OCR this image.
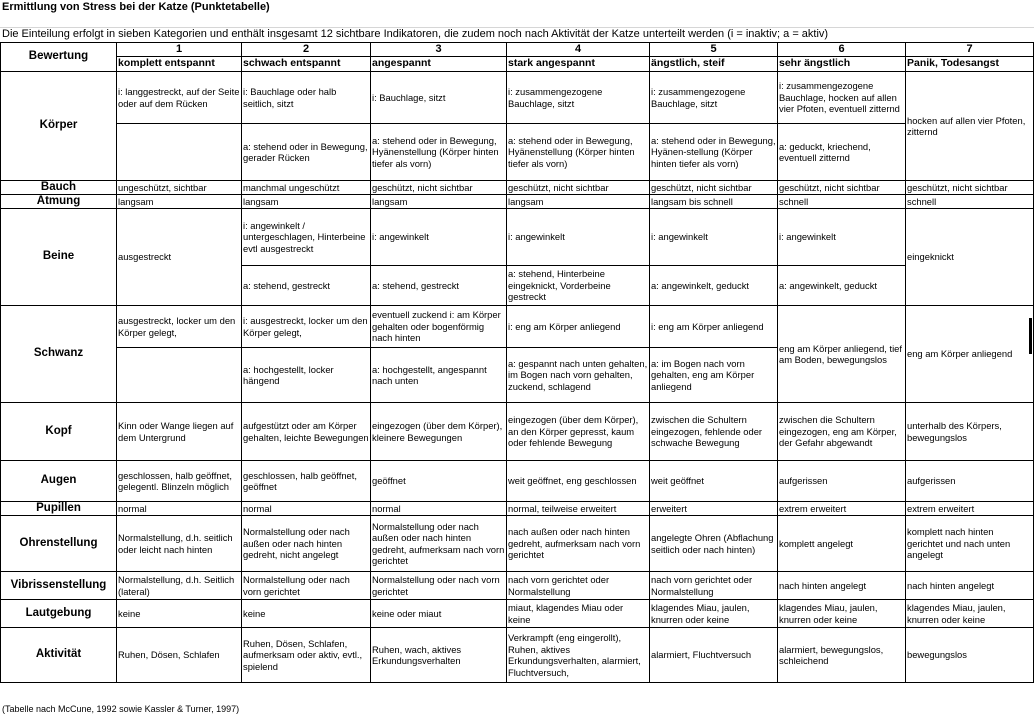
Ermittlung von Stress bei der Katze (Punktetabelle)
Die Einteilung erfolgt in sieben Kategorien und enthält insgesamt 12 sichtbare Indikatoren, die zudem noch nach Aktivität der Katze unterteilt werden (i = inaktiv; a = aktiv)
Bewertung	1	2	3	4	5	6	7
	komplett entspannt	schwach entspannt	angespannt	stark angespannt	ängstlich, steif	sehr ängstlich	Panik, Todesangst
Körper	i: langgestreckt, auf der Seite oder auf dem Rücken	i: Bauchlage oder halb seitlich, sitzt	i: Bauchlage, sitzt	i: zusammengezogene Bauchlage, sitzt	i: zusammengezogene Bauchlage, sitzt	i: zusammengezogene Bauchlage, hocken auf allen vier Pfoten, eventuell zitternd	hocken auf allen vier Pfoten, zitternd
		a: stehend oder in Bewegung, gerader Rücken	a: stehend oder in Bewegung, Hyänenstellung (Körper hinten tiefer als vorn)	a: stehend oder in Bewegung, Hyänenstellung (Körper hinten tiefer als vorn)	a: stehend oder in Bewegung, Hyänen-stellung (Körper hinten tiefer als vorn)	a: geduckt, kriechend, eventuell zitternd	
Bauch	ungeschützt, sichtbar	manchmal ungeschützt	geschützt, nicht sichtbar	geschützt, nicht sichtbar	geschützt, nicht sichtbar	geschützt, nicht sichtbar	geschützt, nicht sichtbar
Atmung	langsam	langsam	langsam	langsam	langsam bis schnell	schnell	schnell
Beine	ausgestreckt	i: angewinkelt / untergeschlagen, Hinterbeine evtl ausgestreckt	i: angewinkelt	i: angewinkelt	i: angewinkelt	i: angewinkelt	eingeknickt
		a: stehend, gestreckt	a: stehend, gestreckt	a: stehend, Hinterbeine eingeknickt, Vorderbeine gestreckt	a: angewinkelt, geduckt	a: angewinkelt, geduckt	
Schwanz	ausgestreckt, locker um den Körper gelegt,	i: ausgestreckt, locker um den Körper gelegt,	eventuell zuckend i: am Körper gehalten oder bogenförmig nach hinten	i: eng am Körper anliegend	i: eng am Körper anliegend	eng am Körper anliegend, tief am Boden, bewegungslos	eng am Körper anliegend
		a: hochgestellt, locker hängend	a: hochgestellt, angespannt nach unten	a: gespannt nach unten gehalten, im Bogen nach vorn gehalten, zuckend, schlagend	a: im Bogen nach vorn gehalten, eng am Körper anliegend		
Kopf	Kinn oder Wange liegen auf dem Untergrund	aufgestützt oder am Körper gehalten, leichte Bewegungen	eingezogen (über dem Körper), kleinere Bewegungen	eingezogen (über dem Körper), an den Körper gepresst, kaum oder fehlende Bewegung	zwischen die Schultern eingezogen, fehlende oder schwache Bewegung	zwischen die Schultern eingezogen, eng am Körper, der Gefahr abgewandt	unterhalb des Körpers, bewegungslos
Augen	geschlossen, halb geöffnet, gelegentl. Blinzeln möglich	geschlossen, halb geöffnet, geöffnet	geöffnet	weit geöffnet, eng geschlossen	weit geöffnet	aufgerissen	aufgerissen
Pupillen	normal	normal	normal	normal, teilweise erweitert	erweitert	extrem erweitert	extrem erweitert
Ohrenstellung	Normalstellung, d.h. seitlich oder leicht nach hinten	Normalstellung oder nach außen oder nach hinten gedreht, nicht angelegt	Normalstellung oder nach außen oder nach hinten gedreht, aufmerksam nach vorn gerichtet	nach außen oder nach hinten gedreht, aufmerksam nach vorn gerichtet	angelegte Ohren (Abflachung seitlich oder nach hinten)	komplett angelegt	komplett nach hinten gerichtet und nach unten angelegt
Vibrissenstellung	Normalstellung, d.h. Seitlich (lateral)	Normalstellung oder nach vorn gerichtet	Normalstellung oder nach vorn gerichtet	nach vorn gerichtet oder Normalstellung	nach vorn gerichtet oder Normalstellung	nach hinten angelegt	nach hinten angelegt
Lautgebung	keine	keine	keine oder miaut	miaut, klagendes Miau oder keine	klagendes Miau, jaulen, knurren oder keine	klagendes Miau, jaulen, knurren oder keine	klagendes Miau, jaulen, knurren oder keine
Aktivität	Ruhen, Dösen, Schlafen	Ruhen, Dösen, Schlafen, aufmerksam oder aktiv, evtl., spielend	Ruhen, wach, aktives Erkundungsverhalten	Verkrampft (eng eingerollt), Ruhen, aktives Erkundungsverhalten, alarmiert, Fluchtversuch,	alarmiert, Fluchtversuch	alarmiert, bewegungslos, schleichend	bewegungslos
(Tabelle nach McCune, 1992 sowie Kassler & Turner, 1997)
